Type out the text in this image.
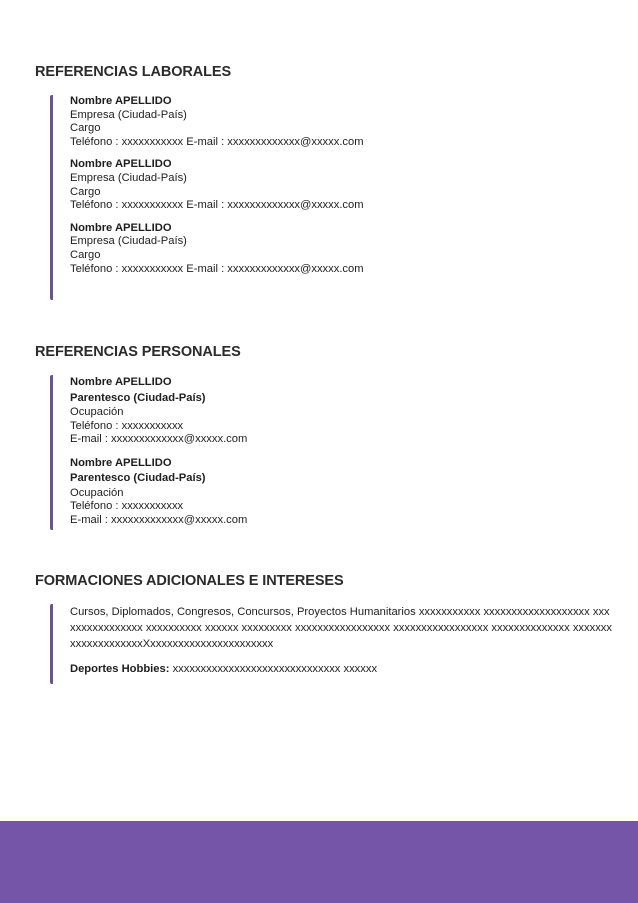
REFERENCIAS LABORALES
Nombre APELLIDO
Empresa (Ciudad-País)
Cargo
Teléfono : xxxxxxxxxxx E-mail : xxxxxxxxxxxxx@xxxxx.com
Nombre APELLIDO
Empresa (Ciudad-País)
Cargo
Teléfono : xxxxxxxxxxx E-mail : xxxxxxxxxxxxx@xxxxx.com
Nombre APELLIDO
Empresa (Ciudad-País)
Cargo
Teléfono : xxxxxxxxxxx E-mail : xxxxxxxxxxxxx@xxxxx.com
REFERENCIAS PERSONALES
Nombre APELLIDO
Parentesco (Ciudad-País)
Ocupación
Teléfono : xxxxxxxxxxx
E-mail : xxxxxxxxxxxxx@xxxxx.com
Nombre APELLIDO
Parentesco (Ciudad-País)
Ocupación
Teléfono : xxxxxxxxxxx
E-mail : xxxxxxxxxxxxx@xxxxx.com
FORMACIONES ADICIONALES E INTERESES

Cursos, Diplomados, Congresos, Concursos, Proyectos Humanitarios xxxxxxxxxxx xxxxxxxxxxxxxxxxxxx xxxxxxxxxxxxxxxx xxxxxxxxxx xxxxxx xxxxxxxxx xxxxxxxxxxxxxxxxx xxxxxxxxxxxxxxxxx xxxxxxxxxxxxxx xxxxxxxxxxxxxxxxxxxxXxxxxxxxxxxxxxxxxxxxxxx

Deportes Hobbies: xxxxxxxxxxxxxxxxxxxxxxxxxxxxxx xxxxxx
